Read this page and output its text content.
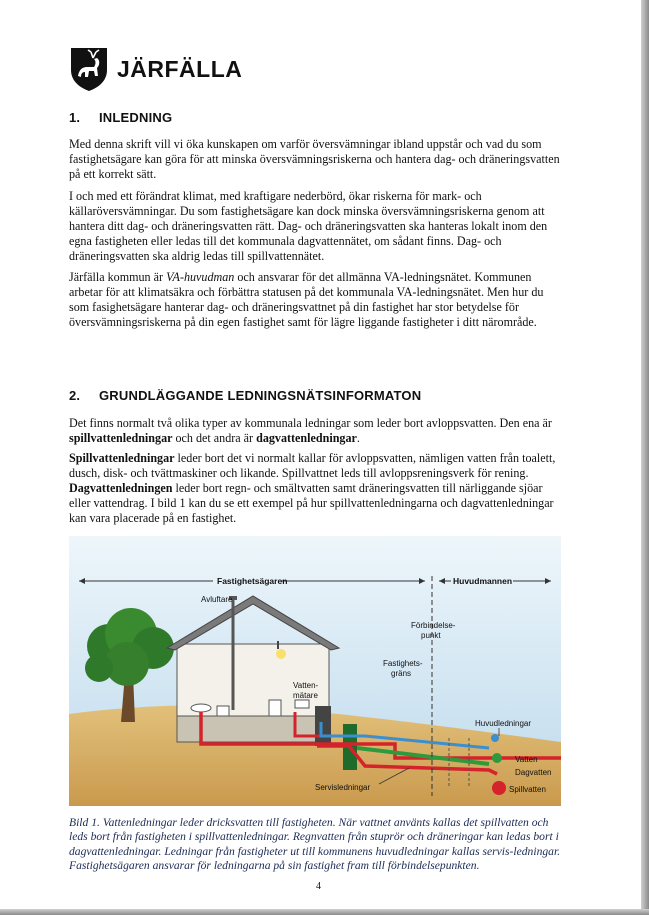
JÄRFÄLLA
1. INLEDNING

Med denna skrift vill vi öka kunskapen om varför översvämningar ibland uppstår och vad du som fastighetsägare kan göra för att minska översvämningsriskerna och hantera dag- och dräneringsvatten på ett korrekt sätt.

I och med ett förändrat klimat, med kraftigare nederbörd, ökar riskerna för mark- och källaröversvämningar. Du som fastighetsägare kan dock minska översvämningsriskerna genom att hantera ditt dag- och dräneringsvatten rätt. Dag- och dräneringsvatten ska hanteras lokalt inom den egna fastigheten eller ledas till det kommunala dagvattennätet, om sådant finns. Dag- och dräneringsvatten ska aldrig ledas till spillvattennätet.

Järfälla kommun är VA-huvudman och ansvarar för det allmänna VA-ledningsnätet. Kommunen arbetar för att klimatsäkra och förbättra statusen på det kommunala VA-ledningsnätet. Men hur du som fasighetsägare hanterar dag- och dräneringsvattnet på din fastighet har stor betydelse för översvämningsriskerna på din egen fastighet samt för lägre liggande fastigheter i ditt närområde.

2. GRUNDLÄGGANDE LEDNINGSNÄTSINFORMATON

Det finns normalt två olika typer av kommunala ledningar som leder bort avloppsvatten. Den ena är spillvattenledningar och det andra är dagvattenledningar.

Spillvattenledningar leder bort det vi normalt kallar för avloppsvatten, nämligen vatten från toalett, dusch, disk- och tvättmaskiner och likande. Spillvattnet leds till avloppsreningsverk för rening. Dagvattenledningen leder bort regn- och smältvatten samt dräneringsvatten till närliggande sjöar eller vattendrag. I bild 1 kan du se ett exempel på hur spillvattenledningarna och dagvattenledningar kan vara placerade på en fastighet.

Fastighetsägaren	Huvudmannen
Avluftare
Förbindelse-
punkt
Fastighets-
gräns
Vatten-
mätare
Huvudledningar
Vatten
Dagvatten
Spillvatten
Servisledningar

Bild 1. Vattenledningar leder dricksvatten till fastigheten. När vattnet använts kallas det spillvatten och leds bort från fastigheten i spillvattenledningar. Regnvatten från stuprör och dräneringar kan ledas bort i dagvattenledningar. Ledningar från fastigheter ut till kommunens huvudledningar kallas servis-ledningar. Fastighetsägaren ansvarar för ledningarna på sin fastighet fram till förbindelsepunkten.

4
